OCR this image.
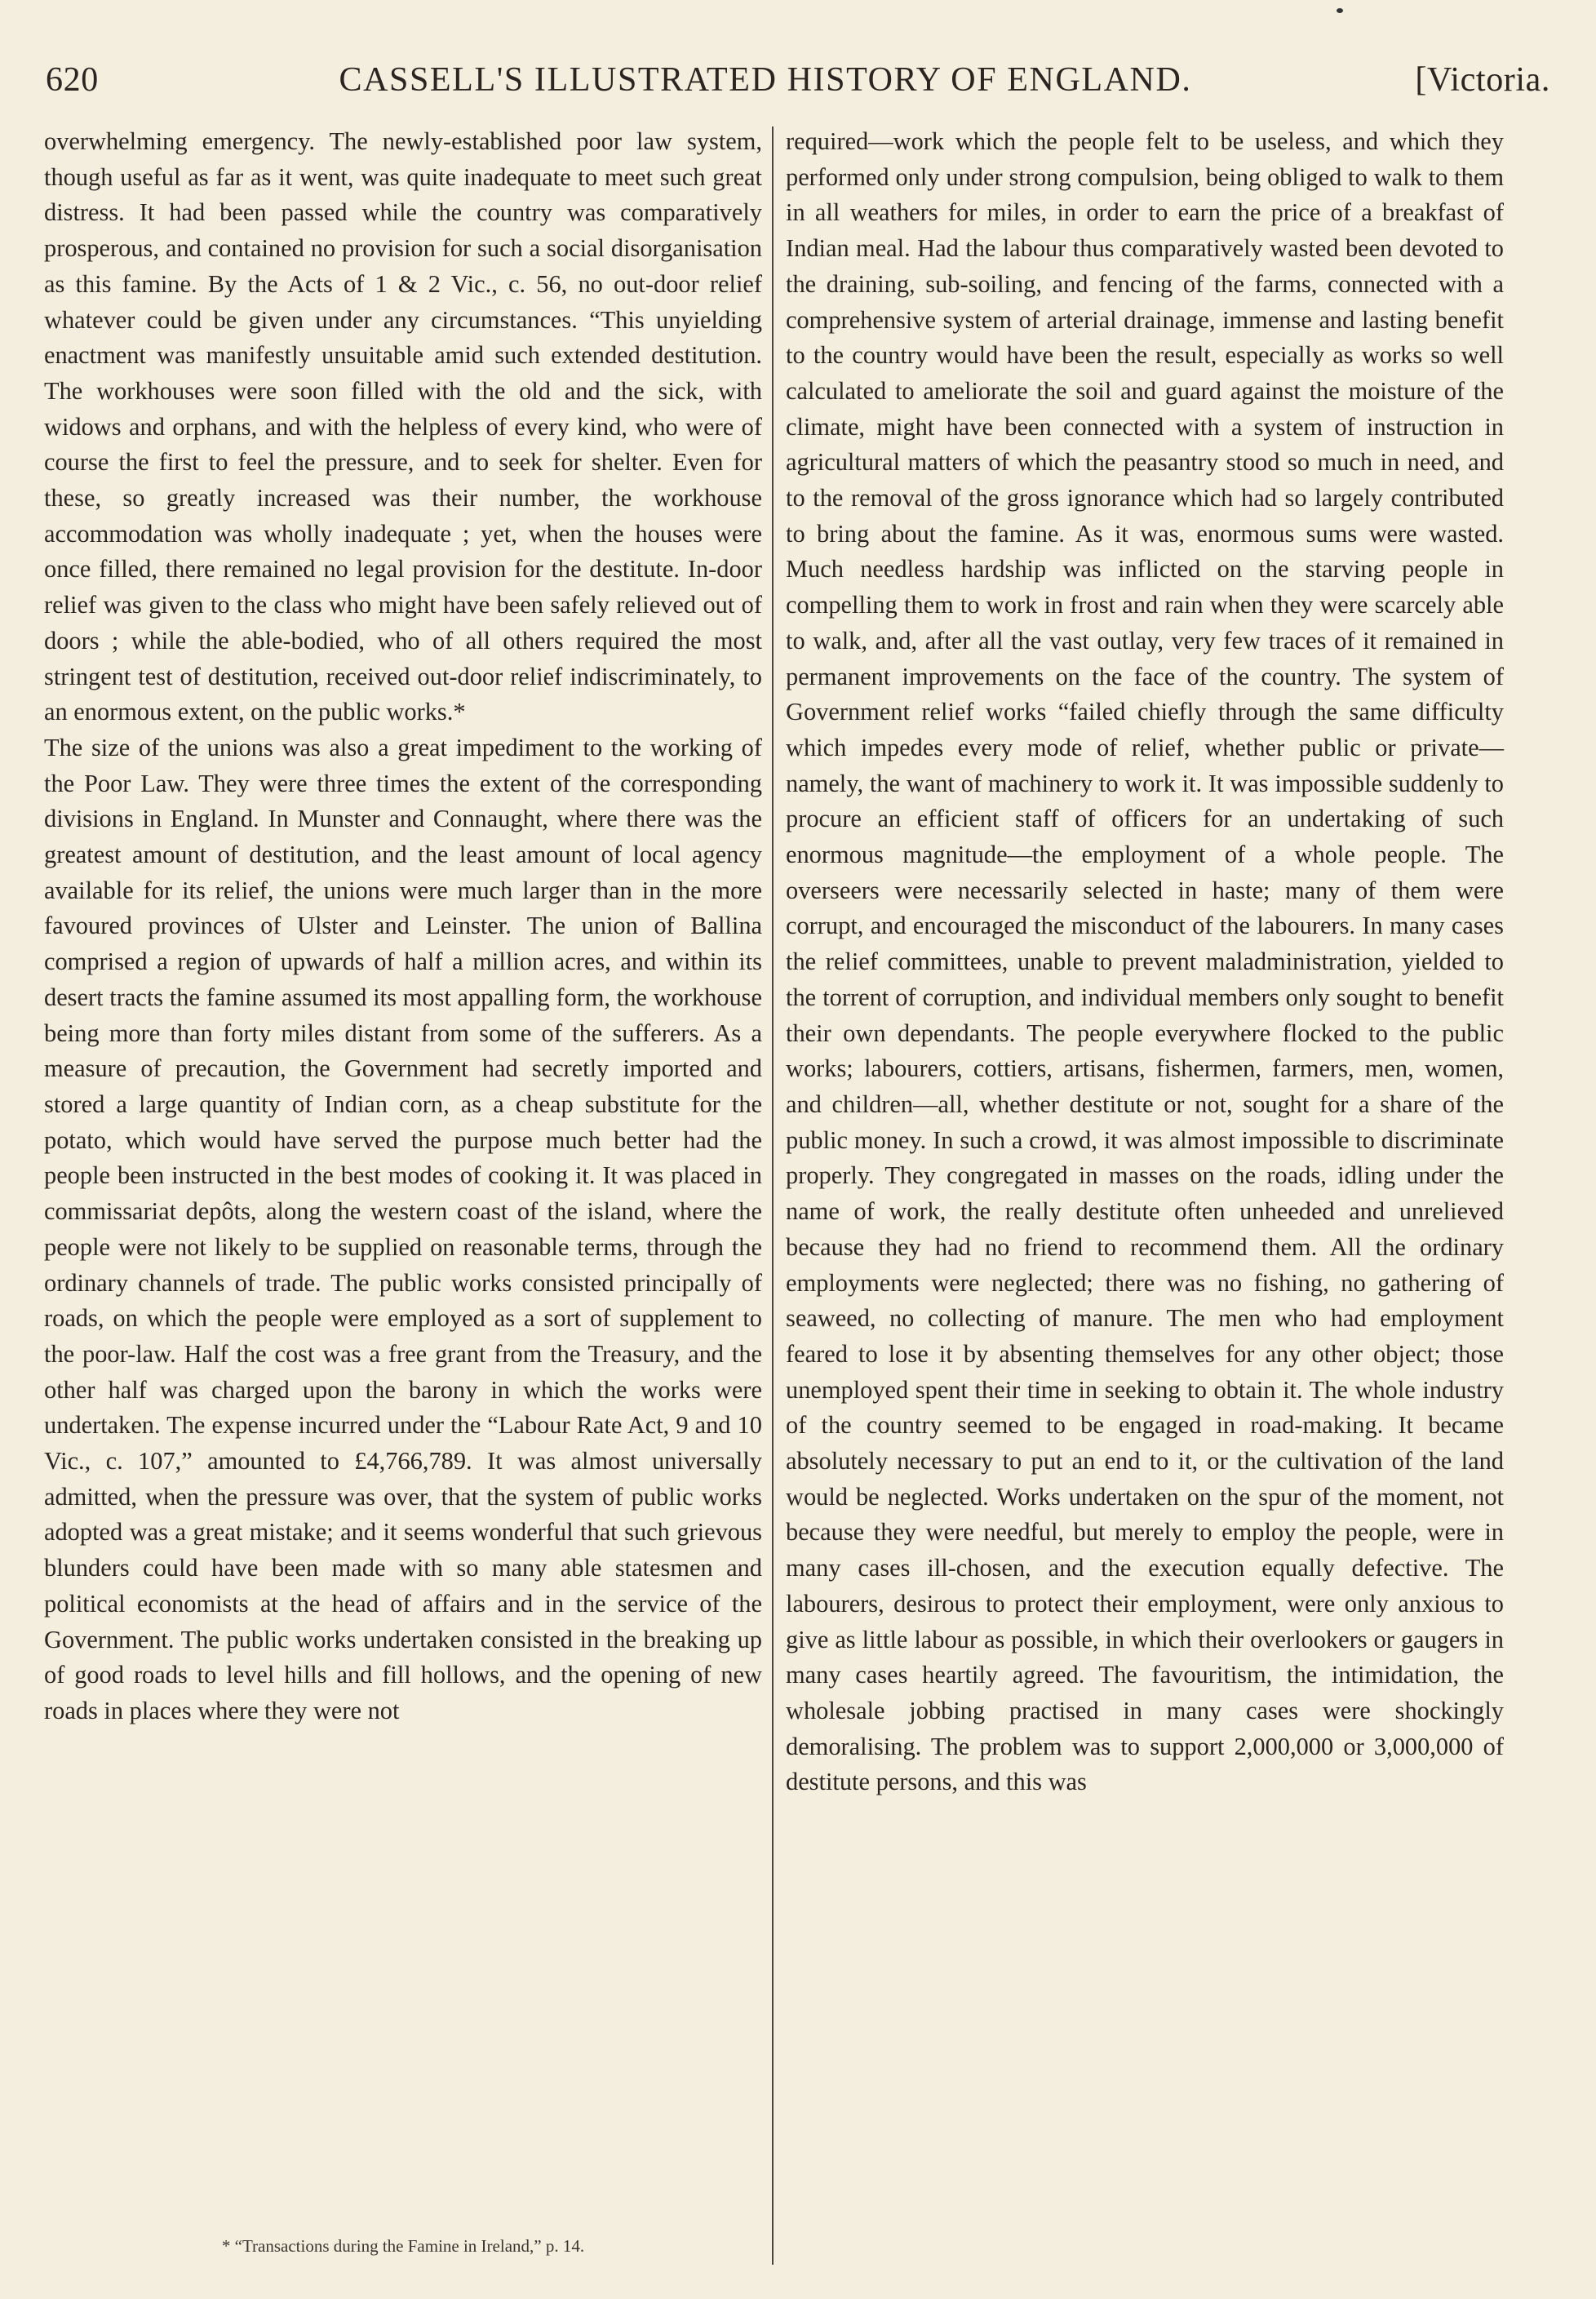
620	CASSELL'S ILLUSTRATED HISTORY OF ENGLAND.	[Victoria.

overwhelming emergency. The newly-established poor law system, though useful as far as it went, was quite inadequate to meet such great distress. It had been passed while the country was comparatively prosperous, and contained no provision for such a social disorganisation as this famine. By the Acts of 1 & 2 Vic., c. 56, no out-door relief whatever could be given under any circumstances. “This unyielding enactment was manifestly unsuitable amid such extended destitution. The workhouses were soon filled with the old and the sick, with widows and orphans, and with the helpless of every kind, who were of course the first to feel the pressure, and to seek for shelter. Even for these, so greatly increased was their number, the workhouse accommodation was wholly inadequate ; yet, when the houses were once filled, there remained no legal provision for the destitute. In-door relief was given to the class who might have been safely relieved out of doors ; while the able-bodied, who of all others required the most stringent test of destitution, received out-door relief indiscriminately, to an enormous extent, on the public works.*

The size of the unions was also a great impediment to the working of the Poor Law. They were three times the extent of the corresponding divisions in England. In Munster and Connaught, where there was the greatest amount of destitution, and the least amount of local agency available for its relief, the unions were much larger than in the more favoured provinces of Ulster and Leinster. The union of Ballina comprised a region of upwards of half a million acres, and within its desert tracts the famine assumed its most appalling form, the workhouse being more than forty miles distant from some of the sufferers. As a measure of precaution, the Government had secretly imported and stored a large quantity of Indian corn, as a cheap substitute for the potato, which would have served the purpose much better had the people been instructed in the best modes of cooking it. It was placed in commissariat depôts, along the western coast of the island, where the people were not likely to be supplied on reasonable terms, through the ordinary channels of trade. The public works consisted principally of roads, on which the people were employed as a sort of supplement to the poor-law. Half the cost was a free grant from the Treasury, and the other half was charged upon the barony in which the works were undertaken. The expense incurred under the “Labour Rate Act, 9 and 10 Vic., c. 107,” amounted to £4,766,789. It was almost universally admitted, when the pressure was over, that the system of public works adopted was a great mistake; and it seems wonderful that such grievous blunders could have been made with so many able statesmen and political economists at the head of affairs and in the service of the Government. The public works undertaken consisted in the breaking up of good roads to level hills and fill hollows, and the opening of new roads in places where they were not

required—work which the people felt to be useless, and which they performed only under strong compulsion, being obliged to walk to them in all weathers for miles, in order to earn the price of a breakfast of Indian meal. Had the labour thus comparatively wasted been devoted to the draining, sub-soiling, and fencing of the farms, connected with a comprehensive system of arterial drainage, immense and lasting benefit to the country would have been the result, especially as works so well calculated to ameliorate the soil and guard against the moisture of the climate, might have been connected with a system of instruction in agricultural matters of which the peasantry stood so much in need, and to the removal of the gross ignorance which had so largely contributed to bring about the famine. As it was, enormous sums were wasted. Much needless hardship was inflicted on the starving people in compelling them to work in frost and rain when they were scarcely able to walk, and, after all the vast outlay, very few traces of it remained in permanent improvements on the face of the country. The system of Government relief works “failed chiefly through the same difficulty which impedes every mode of relief, whether public or private—namely, the want of machinery to work it. It was impossible suddenly to procure an efficient staff of officers for an undertaking of such enormous magnitude—the employment of a whole people. The overseers were necessarily selected in haste; many of them were corrupt, and encouraged the misconduct of the labourers. In many cases the relief committees, unable to prevent maladministration, yielded to the torrent of corruption, and individual members only sought to benefit their own dependants. The people everywhere flocked to the public works; labourers, cottiers, artisans, fishermen, farmers, men, women, and children—all, whether destitute or not, sought for a share of the public money. In such a crowd, it was almost impossible to discriminate properly. They congregated in masses on the roads, idling under the name of work, the really destitute often unheeded and unrelieved because they had no friend to recommend them. All the ordinary employments were neglected; there was no fishing, no gathering of seaweed, no collecting of manure. The men who had employment feared to lose it by absenting themselves for any other object; those unemployed spent their time in seeking to obtain it. The whole industry of the country seemed to be engaged in road-making. It became absolutely necessary to put an end to it, or the cultivation of the land would be neglected. Works undertaken on the spur of the moment, not because they were needful, but merely to employ the people, were in many cases ill-chosen, and the execution equally defective. The labourers, desirous to protect their employment, were only anxious to give as little labour as possible, in which their overlookers or gaugers in many cases heartily agreed. The favouritism, the intimidation, the wholesale jobbing practised in many cases were shockingly demoralising. The problem was to support 2,000,000 or 3,000,000 of destitute persons, and this was

* “Transactions during the Famine in Ireland,” p. 14.
